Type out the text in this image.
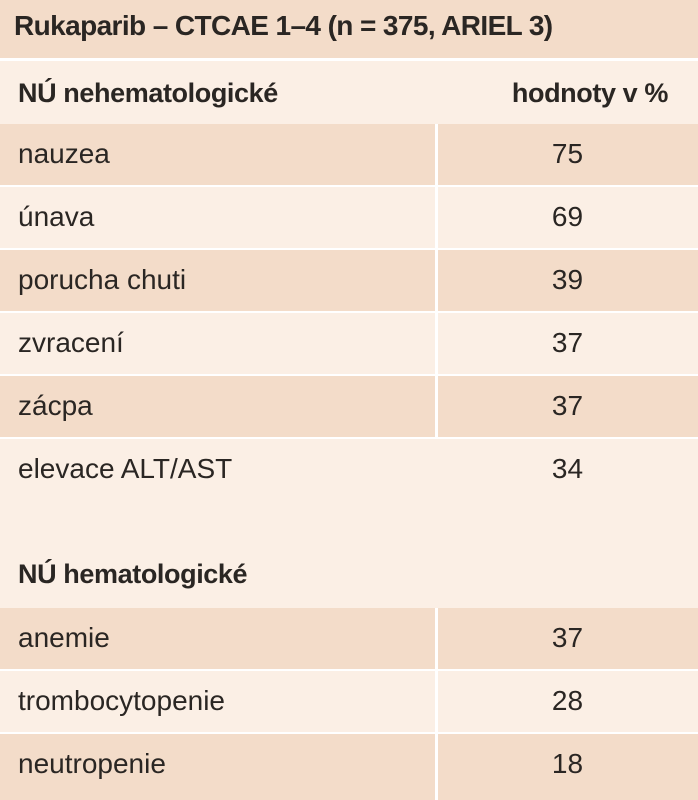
Rukaparib – CTCAE 1–4 (n = 375, ARIEL 3)
NÚ nehematologické	hodnoty v %
nauzea	75
únava	69
porucha chuti	39
zvracení	37
zácpa	37
elevace ALT/AST	34
NÚ hematologické
anemie	37
trombocytopenie	28
neutropenie	18
